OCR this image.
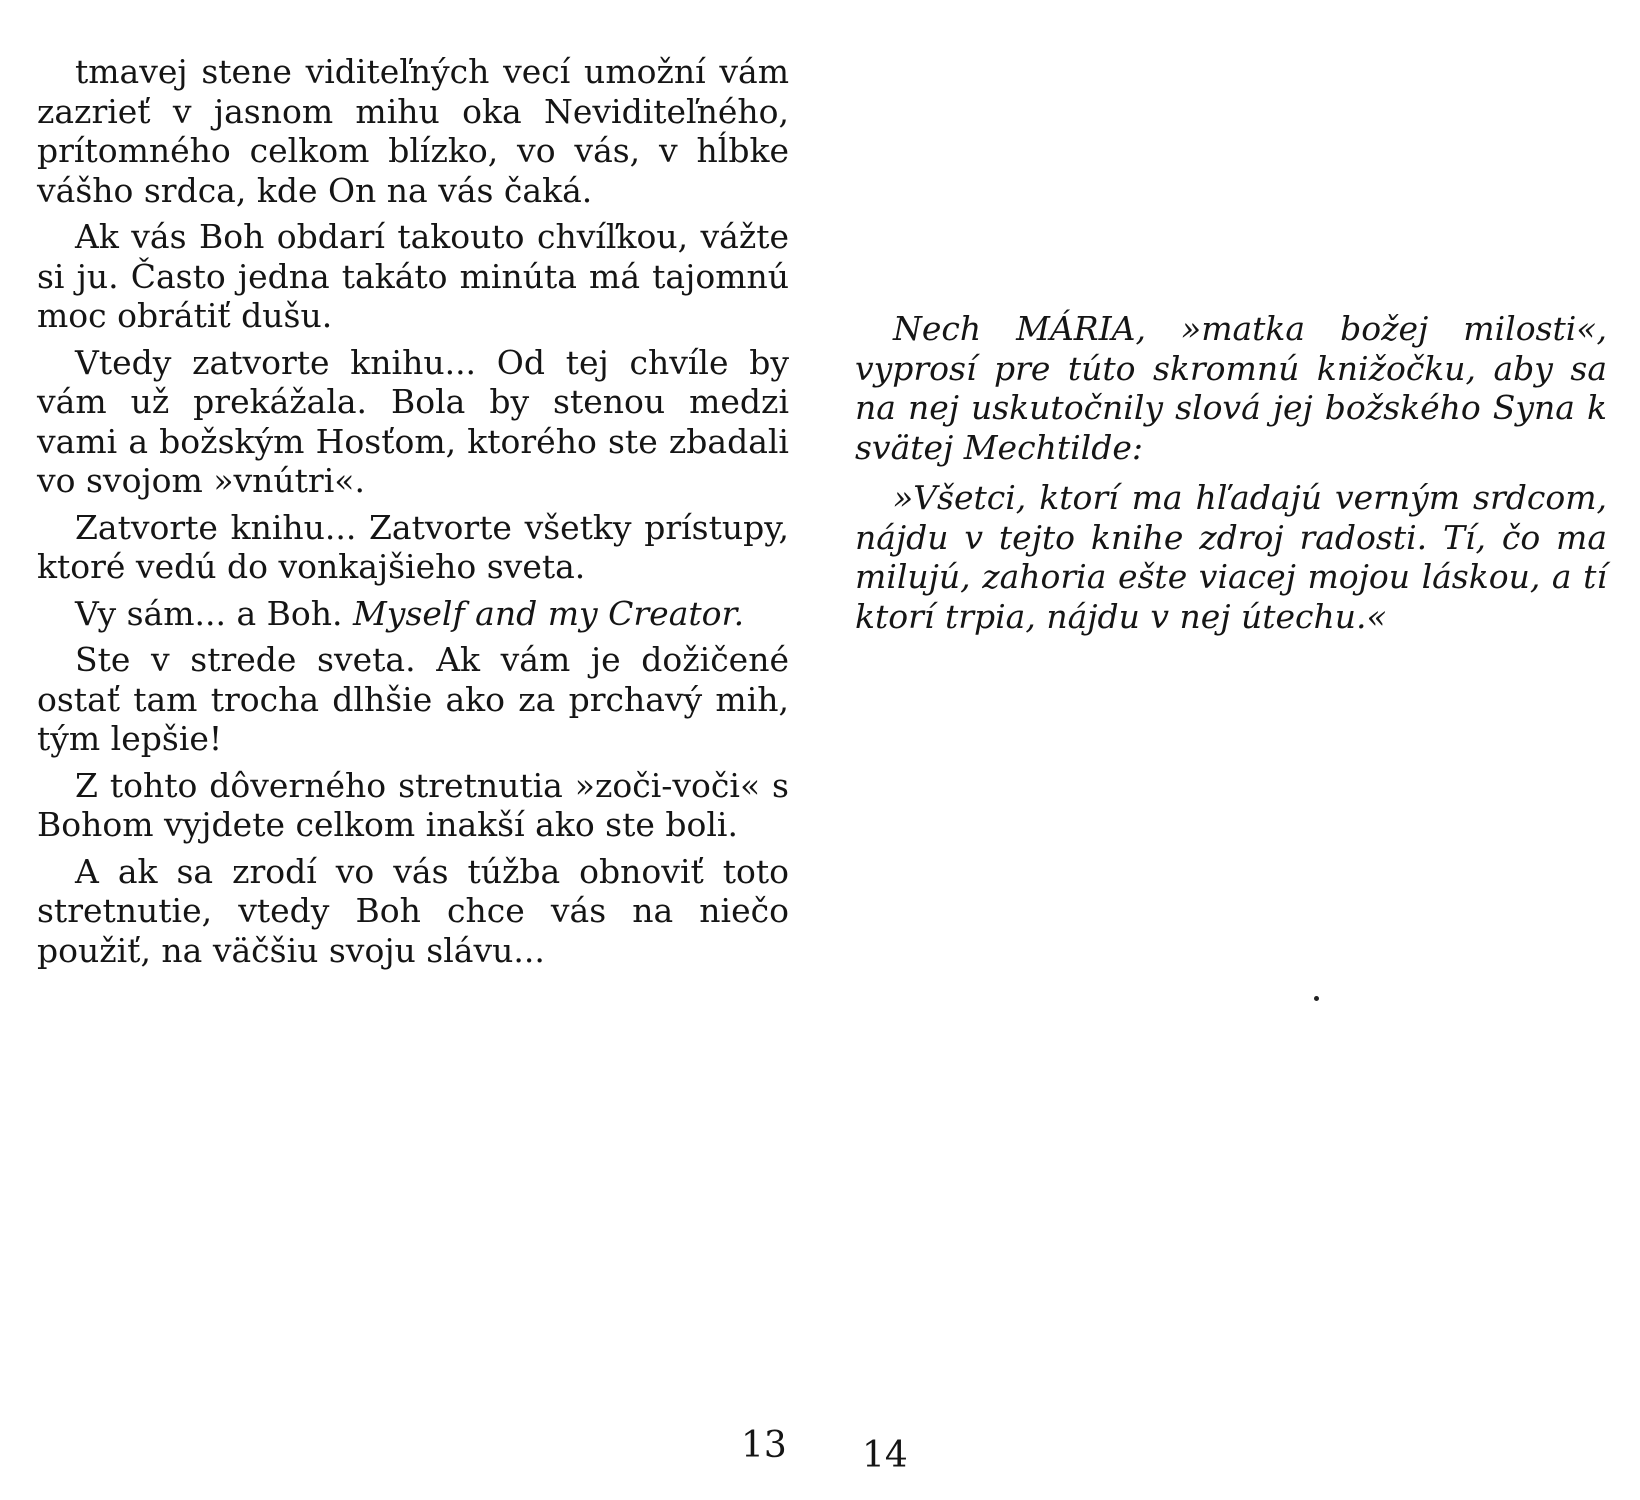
tmavej stene viditeľných vecí umožní vám zazrieť v jasnom mihu oka Neviditeľného, prítomného celkom blízko, vo vás, v hĺbke vášho srdca, kde On na vás čaká.

Ak vás Boh obdarí takouto chvíľkou, vážte si ju. Často jedna takáto minúta má tajomnú moc obrátiť dušu.

Vtedy zatvorte knihu... Od tej chvíle by vám už prekážala. Bola by stenou medzi vami a božským Hosťom, ktorého ste zbadali vo svojom »vnútri«.

Zatvorte knihu... Zatvorte všetky prístupy, ktoré vedú do vonkajšieho sveta.

Vy sám... a Boh. Myself and my Creator.

Ste v strede sveta. Ak vám je dožičené ostať tam trocha dlhšie ako za prchavý mih, tým lepšie!

Z tohto dôverného stretnutia »zoči-voči« s Bohom vyjdete celkom inakší ako ste boli.

A ak sa zrodí vo vás túžba obnoviť toto stretnutie, vtedy Boh chce vás na niečo použiť, na väčšiu svoju slávu...

13

Nech MÁRIA, »matka božej milosti«, vyprosí pre túto skromnú knižočku, aby sa na nej uskutočnily slová jej božského Syna k svätej Mechtilde:

»Všetci, ktorí ma hľadajú verným srdcom, nájdu v tejto knihe zdroj radosti. Tí, čo ma milujú, zahoria ešte viacej mojou láskou, a tí ktorí trpia, nájdu v nej útechu.«

14
